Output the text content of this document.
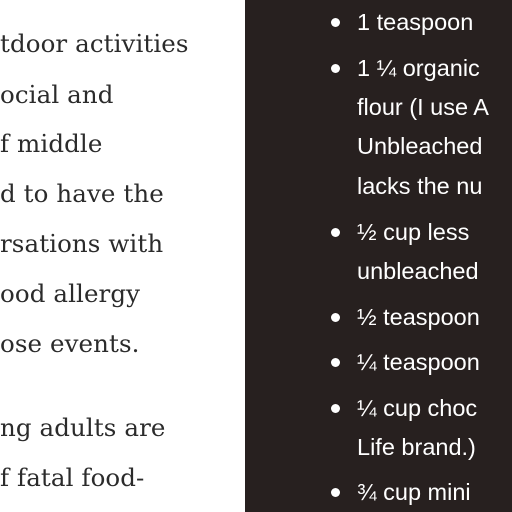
tdoor activities
ocial and
f middle
d to have the
rsations with
ood allergy
ose events.
ng adults are
f fatal food-
1 teaspoon
1 ¼ organic
flour (I use A
Unbleached
lacks the nu
½ cup less
unbleached
½ teaspoon
¼ teaspoon
¼ cup choc
Life brand.)
¾ cup mini
